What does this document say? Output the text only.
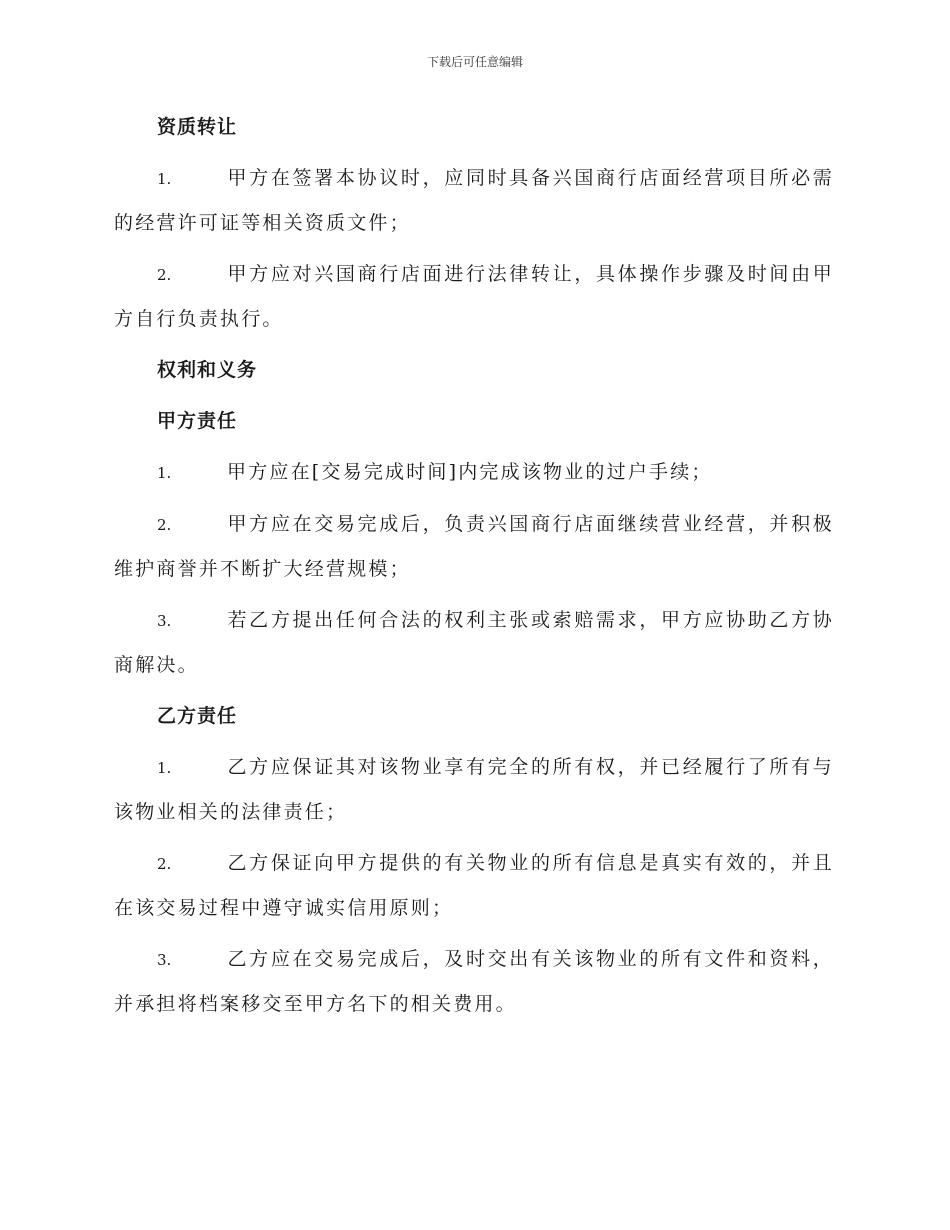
下载后可任意编辑
资质转让

1.	甲方在签署本协议时，应同时具备兴国商行店面经营项目所必需的经营许可证等相关资质文件；

2.	甲方应对兴国商行店面进行法律转让，具体操作步骤及时间由甲方自行负责执行。

权利和义务
甲方责任

1.	甲方应在[交易完成时间]内完成该物业的过户手续；

2.	甲方应在交易完成后，负责兴国商行店面继续营业经营，并积极维护商誉并不断扩大经营规模；

3.	若乙方提出任何合法的权利主张或索赔需求，甲方应协助乙方协商解决。

乙方责任

1.	乙方应保证其对该物业享有完全的所有权，并已经履行了所有与该物业相关的法律责任；

2.	乙方保证向甲方提供的有关物业的所有信息是真实有效的，并且在该交易过程中遵守诚实信用原则；

3.	乙方应在交易完成后，及时交出有关该物业的所有文件和资料，并承担将档案移交至甲方名下的相关费用。
